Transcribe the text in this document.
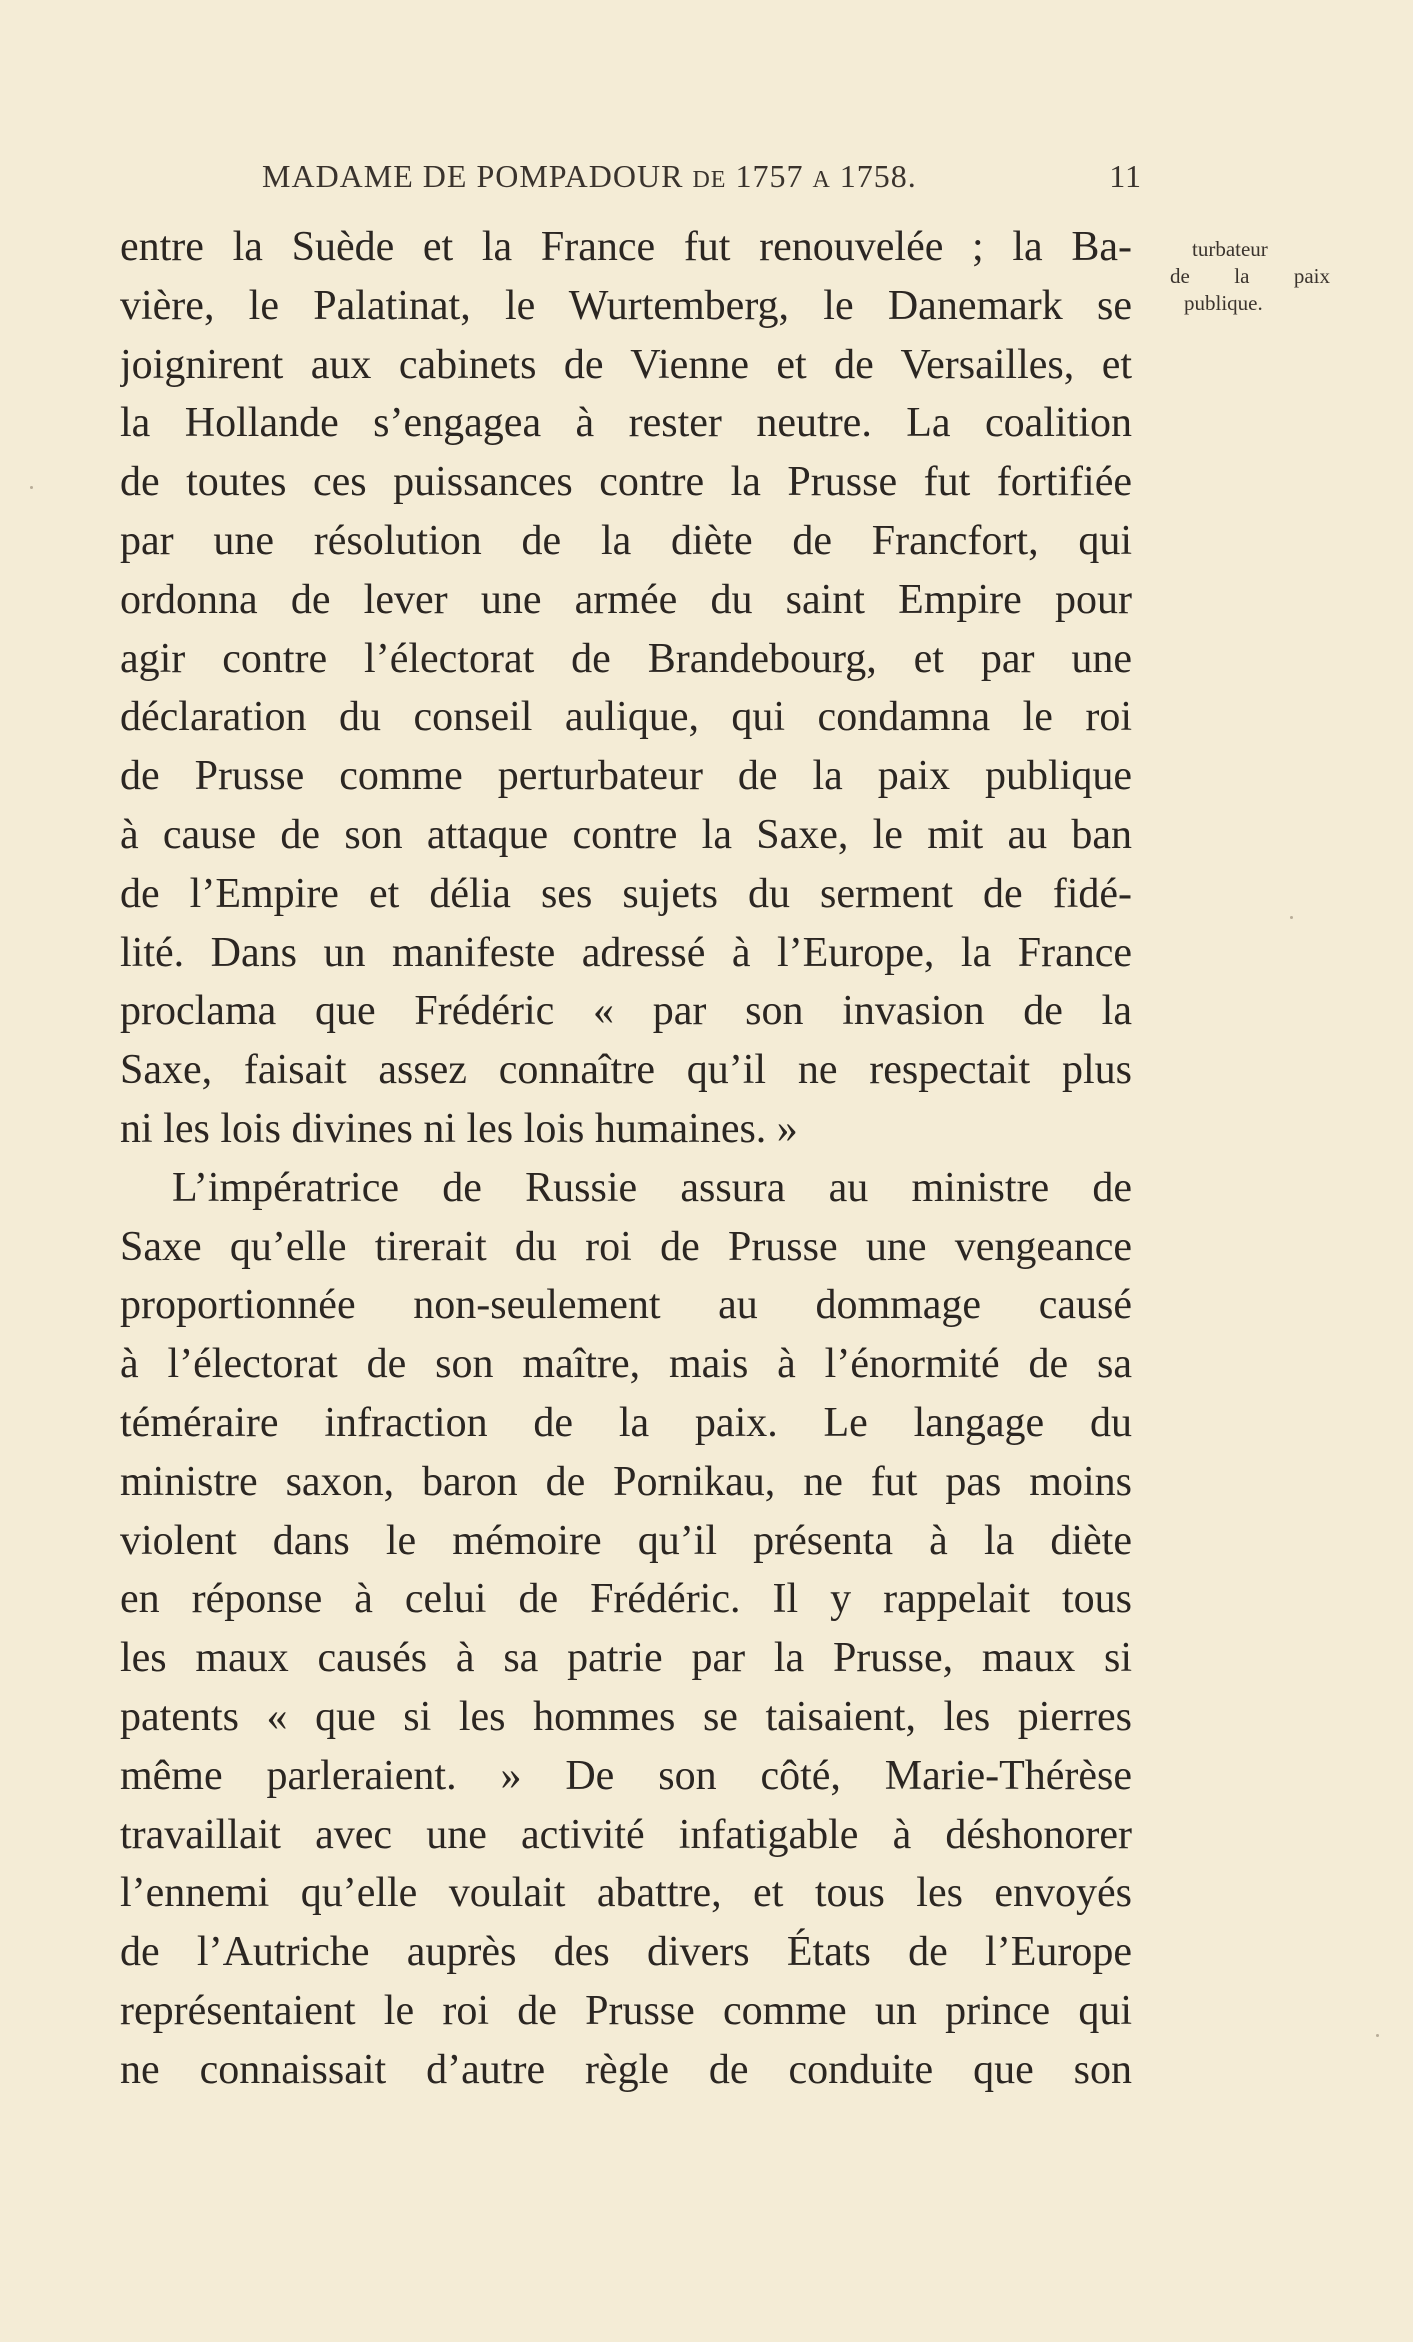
MADAME DE POMPADOUR DE 1757 A 1758.	11
turbateur
de la paix
publique.
entre la Suède et la France fut renouvelée ; la Ba-
vière, le Palatinat, le Wurtemberg, le Danemark se
joignirent aux cabinets de Vienne et de Versailles, et
la Hollande s’engagea à rester neutre. La coalition
de toutes ces puissances contre la Prusse fut fortifiée
par une résolution de la diète de Francfort, qui
ordonna de lever une armée du saint Empire pour
agir contre l’électorat de Brandebourg, et par une
déclaration du conseil aulique, qui condamna le roi
de Prusse comme perturbateur de la paix publique
à cause de son attaque contre la Saxe, le mit au ban
de l’Empire et délia ses sujets du serment de fidé-
lité. Dans un manifeste adressé à l’Europe, la France
proclama que Frédéric « par son invasion de la
Saxe, faisait assez connaître qu’il ne respectait plus
ni les lois divines ni les lois humaines. »
L’impératrice de Russie assura au ministre de
Saxe qu’elle tirerait du roi de Prusse une vengeance
proportionnée non-seulement au dommage causé
à l’électorat de son maître, mais à l’énormité de sa
téméraire infraction de la paix. Le langage du
ministre saxon, baron de Pornikau, ne fut pas moins
violent dans le mémoire qu’il présenta à la diète
en réponse à celui de Frédéric. Il y rappelait tous
les maux causés à sa patrie par la Prusse, maux si
patents « que si les hommes se taisaient, les pierres
même parleraient. » De son côté, Marie-Thérèse
travaillait avec une activité infatigable à déshonorer
l’ennemi qu’elle voulait abattre, et tous les envoyés
de l’Autriche auprès des divers États de l’Europe
représentaient le roi de Prusse comme un prince qui
ne connaissait d’autre règle de conduite que son
